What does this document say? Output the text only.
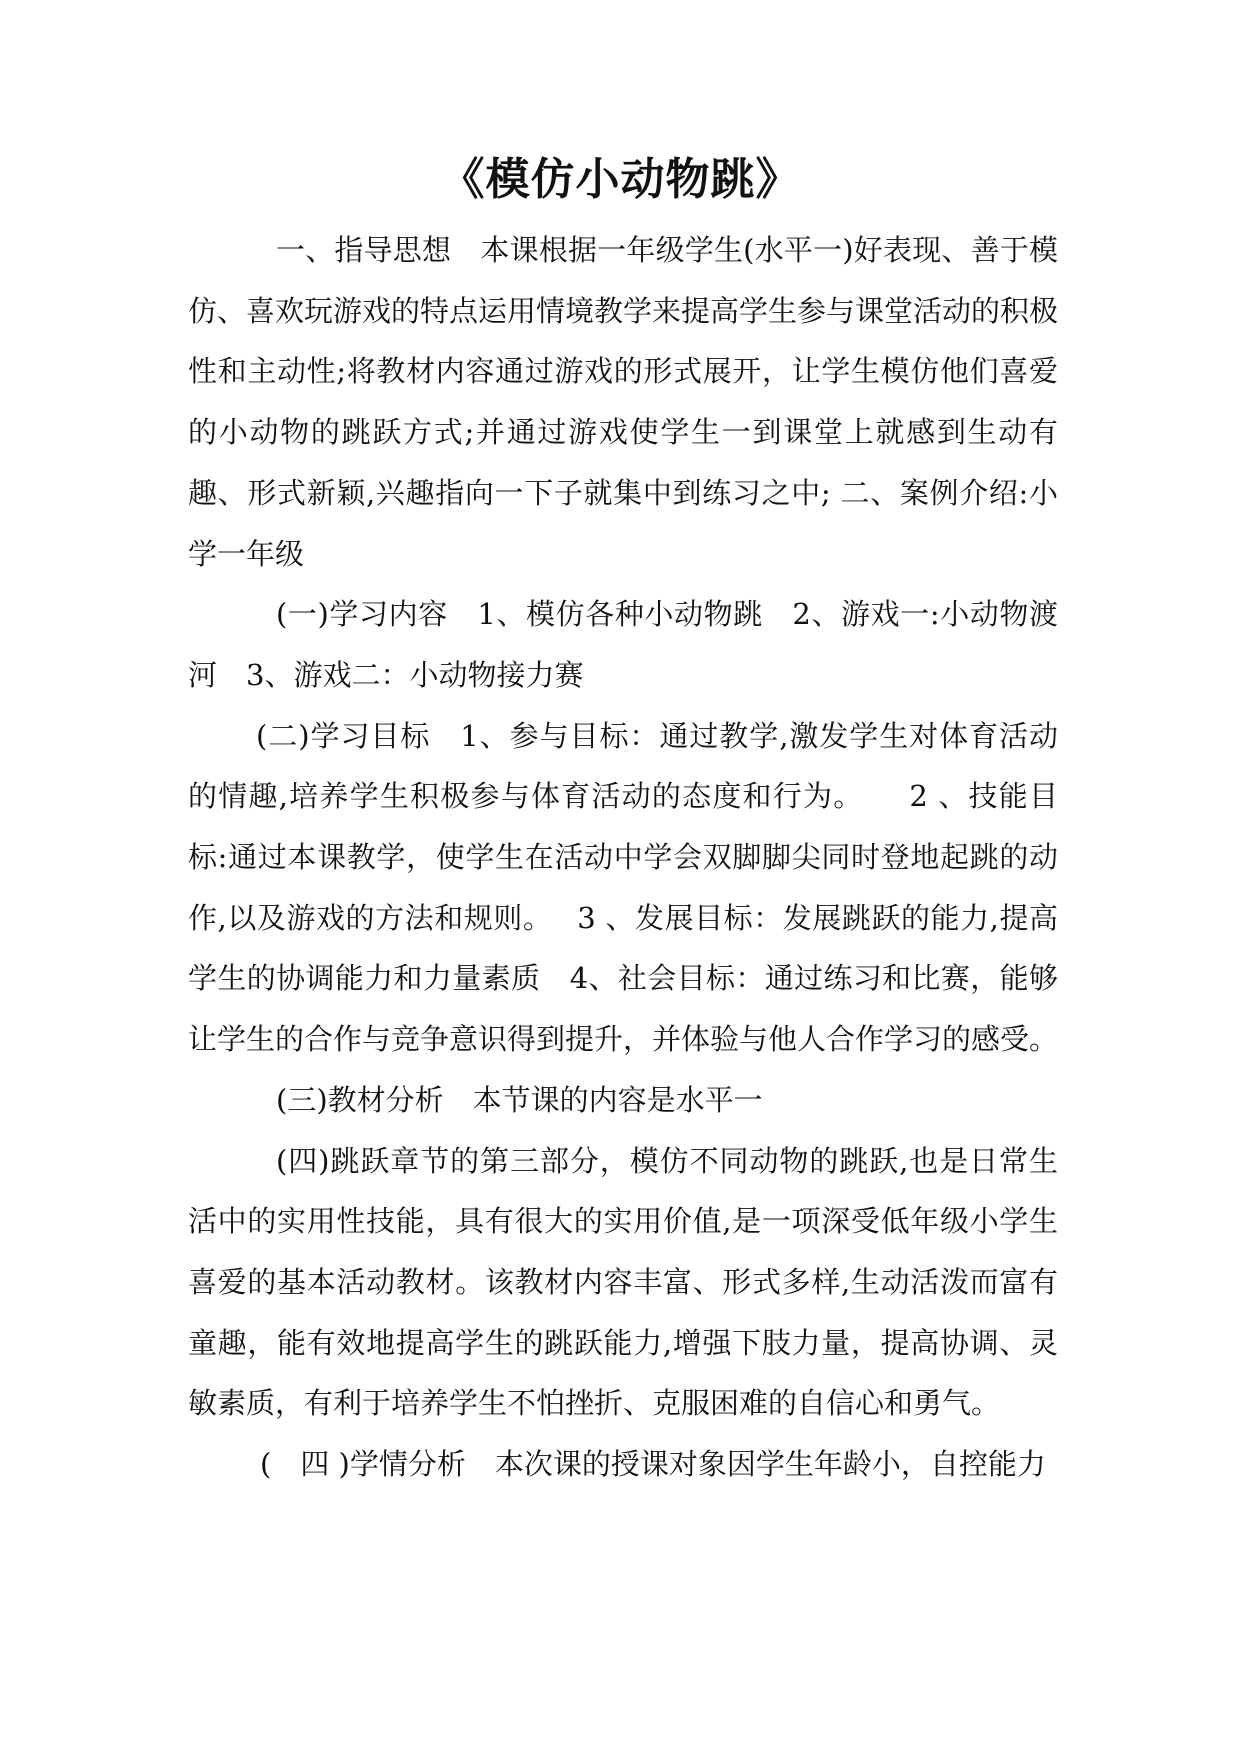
《模仿小动物跳》

一、指导思想　本课根据一年级学生(水平一)好表现、善于模仿、喜欢玩游戏的特点运用情境教学来提高学生参与课堂活动的积极性和主动性;将教材内容通过游戏的形式展开，让学生模仿他们喜爱的小动物的跳跃方式;并通过游戏使学生一到课堂上就感到生动有趣、形式新颖,兴趣指向一下子就集中到练习之中; 二、案例介绍:小学一年级

(一)学习内容　1、模仿各种小动物跳　2、游戏一:小动物渡河　3、游戏二：小动物接力赛

(二)学习目标　1、参与目标：通过教学,激发学生对体育活动的情趣,培养学生积极参与体育活动的态度和行为。　　2 、技能目标:通过本课教学，使学生在活动中学会双脚脚尖同时登地起跳的动作,以及游戏的方法和规则。　 3 、发展目标：发展跳跃的能力,提高学生的协调能力和力量素质　4、社会目标：通过练习和比赛，能够让学生的合作与竞争意识得到提升，并体验与他人合作学习的感受。

(三)教材分析　本节课的内容是水平一

(四)跳跃章节的第三部分，模仿不同动物的跳跃,也是日常生活中的实用性技能，具有很大的实用价值,是一项深受低年级小学生喜爱的基本活动教材。该教材内容丰富、形式多样,生动活泼而富有童趣，能有效地提高学生的跳跃能力,增强下肢力量，提高协调、灵敏素质，有利于培养学生不怕挫折、克服困难的自信心和勇气。

(　四 )学情分析　本次课的授课对象因学生年龄小，自控能力
